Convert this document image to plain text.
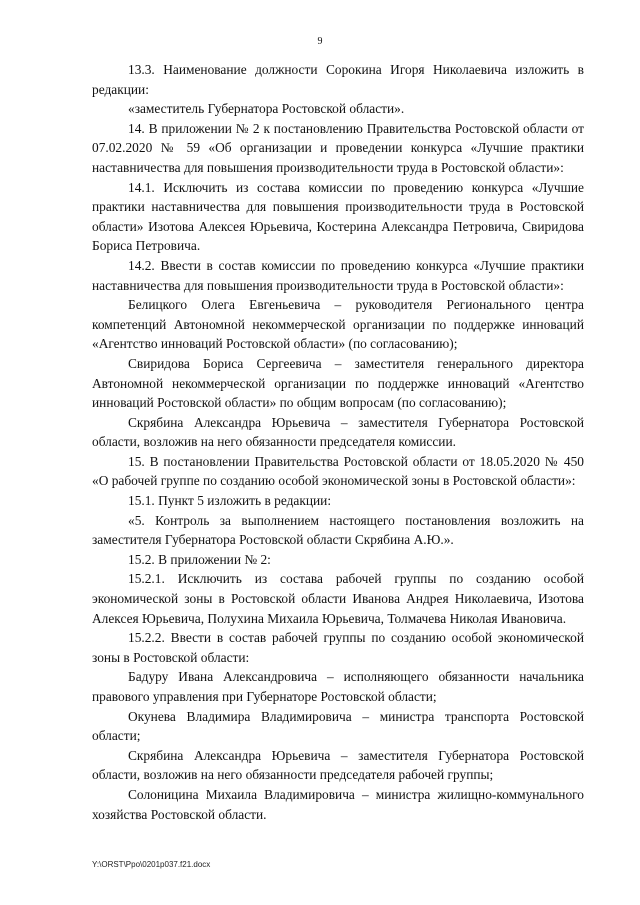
9

13.3. Наименование должности Сорокина Игоря Николаевича изложить в редакции:

«заместитель Губернатора Ростовской области».

14. В приложении № 2 к постановлению Правительства Ростовской области от 07.02.2020 № 59 «Об организации и проведении конкурса «Лучшие практики наставничества для повышения производительности труда в Ростовской области»:

14.1. Исключить из состава комиссии по проведению конкурса «Лучшие практики наставничества для повышения производительности труда в Ростовской области» Изотова Алексея Юрьевича, Костерина Александра Петровича, Свиридова Бориса Петровича.

14.2. Ввести в состав комиссии по проведению конкурса «Лучшие практики наставничества для повышения производительности труда в Ростовской области»:

Белицкого Олега Евгеньевича – руководителя Регионального центра компетенций Автономной некоммерческой организации по поддержке инноваций «Агентство инноваций Ростовской области» (по согласованию);

Свиридова Бориса Сергеевича – заместителя генерального директора Автономной некоммерческой организации по поддержке инноваций «Агентство инноваций Ростовской области» по общим вопросам (по согласованию);

Скрябина Александра Юрьевича – заместителя Губернатора Ростовской области, возложив на него обязанности председателя комиссии.

15. В постановлении Правительства Ростовской области от 18.05.2020 № 450 «О рабочей группе по созданию особой экономической зоны в Ростовской области»:

15.1. Пункт 5 изложить в редакции:

«5. Контроль за выполнением настоящего постановления возложить на заместителя Губернатора Ростовской области Скрябина А.Ю.».

15.2. В приложении № 2:

15.2.1. Исключить из состава рабочей группы по созданию особой экономической зоны в Ростовской области Иванова Андрея Николаевича, Изотова Алексея Юрьевича, Полухина Михаила Юрьевича, Толмачева Николая Ивановича.

15.2.2. Ввести в состав рабочей группы по созданию особой экономической зоны в Ростовской области:

Бадуру Ивана Александровича – исполняющего обязанности начальника правового управления при Губернаторе Ростовской области;

Окунева Владимира Владимировича – министра транспорта Ростовской области;

Скрябина Александра Юрьевича – заместителя Губернатора Ростовской области, возложив на него обязанности председателя рабочей группы;

Солоницина Михаила Владимировича – министра жилищно-коммунального хозяйства Ростовской области.

Y:\ORST\Ppo\0201p037.f21.docx
